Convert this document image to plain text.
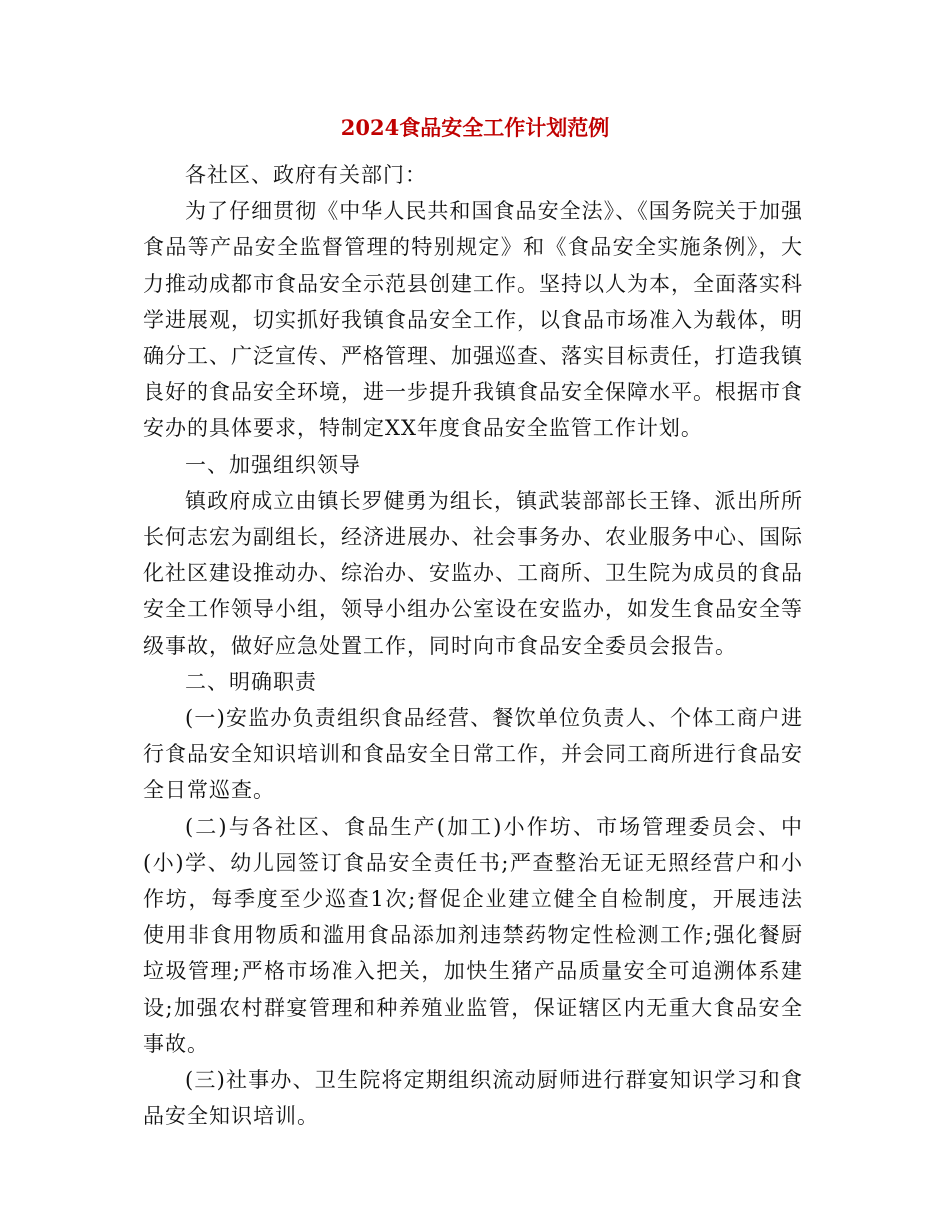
2024食品安全工作计划范例

各社区、政府有关部门：

为了仔细贯彻《中华人民共和国食品安全法》、《国务院关于加强食品等产品安全监督管理的特别规定》和《食品安全实施条例》，大力推动成都市食品安全示范县创建工作。坚持以人为本，全面落实科学进展观，切实抓好我镇食品安全工作，以食品市场准入为载体，明确分工、广泛宣传、严格管理、加强巡查、落实目标责任，打造我镇良好的食品安全环境，进一步提升我镇食品安全保障水平。根据市食安办的具体要求，特制定XX年度食品安全监管工作计划。

一、加强组织领导

镇政府成立由镇长罗健勇为组长，镇武装部部长王锋、派出所所长何志宏为副组长，经济进展办、社会事务办、农业服务中心、国际化社区建设推动办、综治办、安监办、工商所、卫生院为成员的食品安全工作领导小组，领导小组办公室设在安监办，如发生食品安全等级事故，做好应急处置工作，同时向市食品安全委员会报告。

二、明确职责

(一)安监办负责组织食品经营、餐饮单位负责人、个体工商户进行食品安全知识培训和食品安全日常工作，并会同工商所进行食品安全日常巡查。

(二)与各社区、食品生产(加工)小作坊、市场管理委员会、中(小)学、幼儿园签订食品安全责任书;严查整治无证无照经营户和小作坊，每季度至少巡查1次;督促企业建立健全自检制度，开展违法使用非食用物质和滥用食品添加剂违禁药物定性检测工作;强化餐厨垃圾管理;严格市场准入把关，加快生猪产品质量安全可追溯体系建设;加强农村群宴管理和种养殖业监管，保证辖区内无重大食品安全事故。

(三)社事办、卫生院将定期组织流动厨师进行群宴知识学习和食品安全知识培训。
